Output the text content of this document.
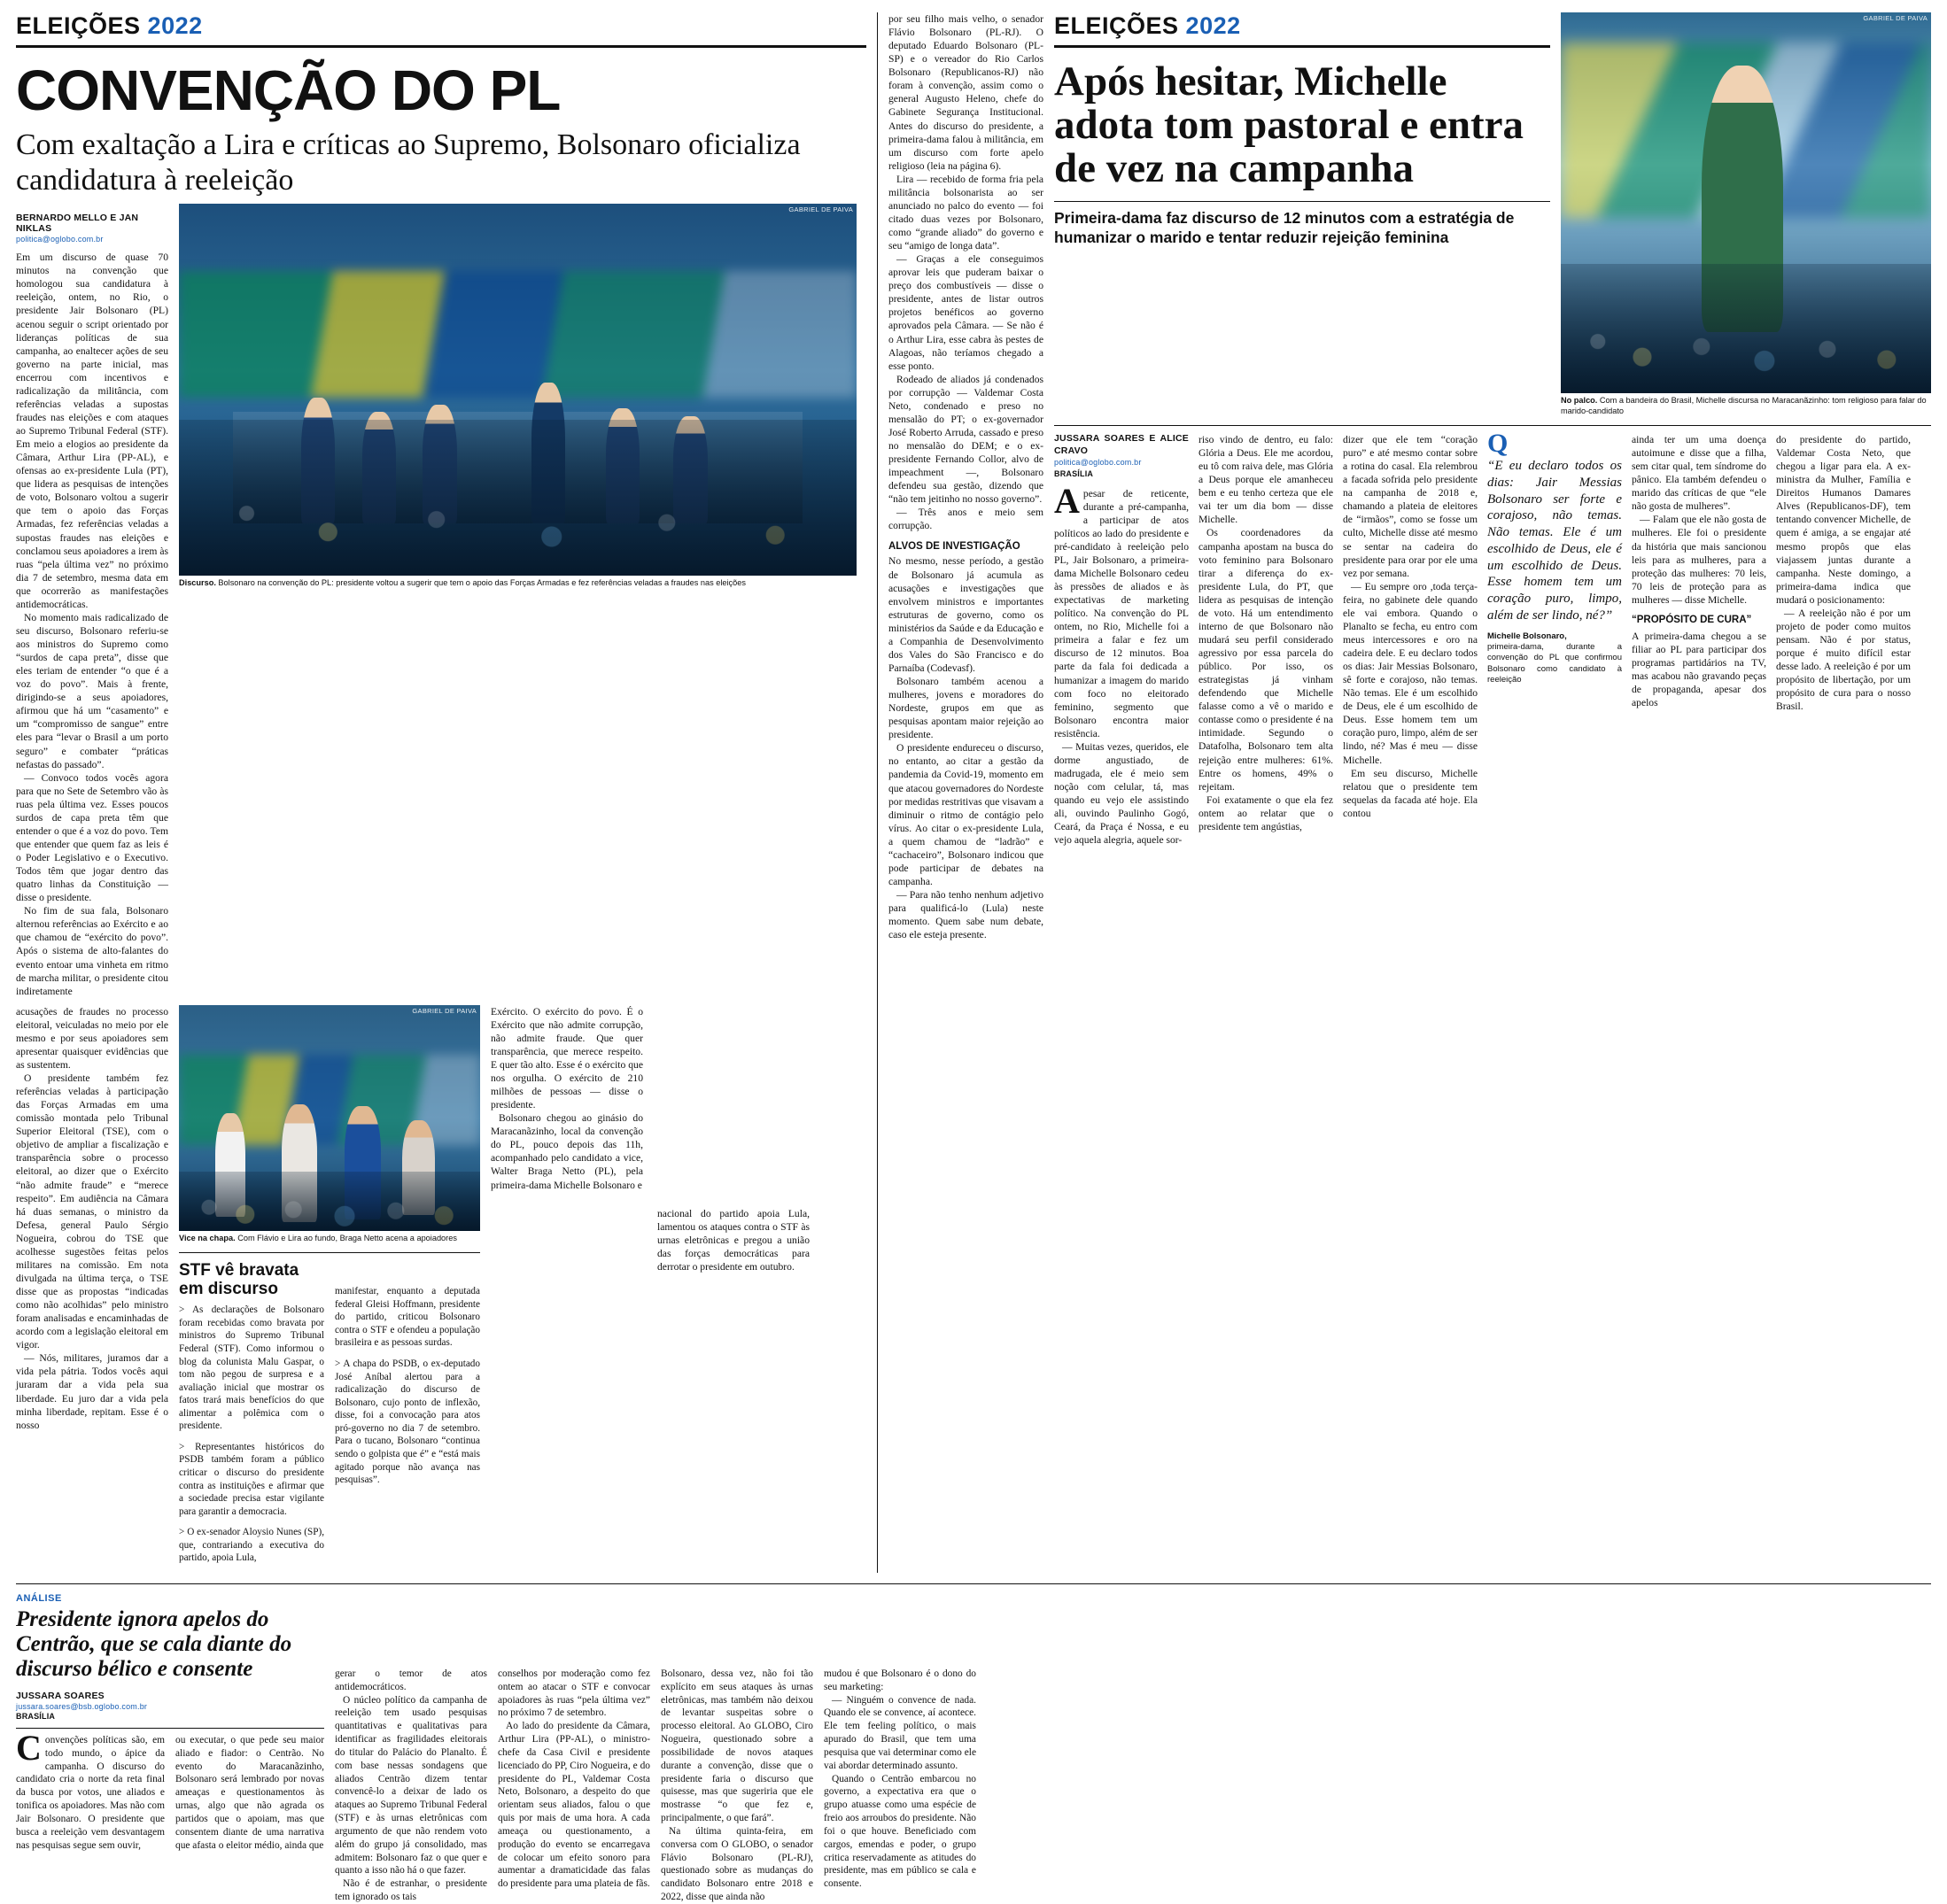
ELEIÇÕES 2022
CONVENÇÃO DO PL
Com exaltação a Lira e críticas ao Supremo, Bolsonaro oficializa candidatura à reeleição
BERNARDO MELLO E JAN NIKLAS
politica@oglobo.com.br

Em um discurso de quase 70 minutos na convenção que homologou sua candidatura à reeleição, ontem, no Rio, o presidente Jair Bolsonaro (PL) acenou seguir o script orientado por lideranças políticas de sua campanha, ao enaltecer ações de seu governo na parte inicial, mas encerrou com incentivos e radicalização da militância, com referências veladas a supostas fraudes nas eleições e com ataques ao Supremo Tribunal Federal (STF). Em meio a elogios ao presidente da Câmara, Arthur Lira (PP-AL), e ofensas ao ex-presidente Lula (PT), que lidera as pesquisas de intenções de voto, Bolsonaro voltou a sugerir que tem o apoio das Forças Armadas, fez referências veladas a supostas fraudes nas eleições e conclamou seus apoiadores a irem às ruas “pela última vez” no próximo dia 7 de setembro, mesma data em que ocorrerão as manifestações antidemocráticas.

No momento mais radicalizado de seu discurso, Bolsonaro referiu-se aos ministros do Supremo como “surdos de capa preta”, disse que eles teriam de entender “o que é a voz do povo”. Mais à frente, dirigindo-se a seus apoiadores, afirmou que há um “casamento” e um “compromisso de sangue” entre eles para “levar o Brasil a um porto seguro” e combater “práticas nefastas do passado”.

— Convoco todos vocês agora para que no Sete de Setembro vão às ruas pela última vez. Esses poucos surdos de capa preta têm que entender o que é a voz do povo. Tem que entender que quem faz as leis é o Poder Legislativo e o Executivo. Todos têm que jogar dentro das quatro linhas da Constituição — disse o presidente.

No fim de sua fala, Bolsonaro alternou referências ao Exército e ao que chamou de “exército do povo”. Após o sistema de alto-falantes do evento entoar uma vinheta em ritmo de marcha militar, o presidente citou indiretamente

GABRIEL DE PAIVA
Discurso. Bolsonaro na convenção do PL: presidente voltou a sugerir que tem o apoio das Forças Armadas e fez referências veladas a fraudes nas eleições

acusações de fraudes no processo eleitoral, veiculadas no meio por ele mesmo e por seus apoiadores sem apresentar quaisquer evidências que as sustentem.

O presidente também fez referências veladas à participação das Forças Armadas em uma comissão montada pelo Tribunal Superior Eleitoral (TSE), com o objetivo de ampliar a fiscalização e transparência sobre o processo eleitoral, ao dizer que o Exército “não admite fraude” e “merece respeito”. Em audiência na Câmara há duas semanas, o ministro da Defesa, general Paulo Sérgio Nogueira, cobrou do TSE que acolhesse sugestões feitas pelos militares na comissão. Em nota divulgada na última terça, o TSE disse que as propostas “indicadas como não acolhidas” pelo ministro foram analisadas e encaminhadas de acordo com a legislação eleitoral em vigor.

— Nós, militares, juramos dar a vida pela pátria. Todos vocês aqui juraram dar a vida pela sua liberdade. Eu juro dar a vida pela minha liberdade, repitam. Esse é o nosso

GABRIEL DE PAIVA
Vice na chapa. Com Flávio e Lira ao fundo, Braga Netto acena a apoiadores
STF vê bravata em discurso

> As declarações de Bolsonaro foram recebidas como bravata por ministros do Supremo Tribunal Federal (STF). Como informou o blog da colunista Malu Gaspar, o tom não pegou de surpresa e a avaliação inicial que mostrar os fatos trará mais benefícios do que alimentar a polêmica com o presidente.

> Representantes históricos do PSDB também foram a público criticar o discurso do presidente contra as instituições e afirmar que a sociedade precisa estar vigilante para garantir a democracia.

> O ex-senador Aloysio Nunes (SP), que, contrariando a executiva do partido, apoia Lula,

manifestar, enquanto a deputada federal Gleisi Hoffmann, presidente do partido, criticou Bolsonaro contra o STF e ofendeu a população brasileira e as pessoas surdas.

> A chapa do PSDB, o ex-deputado José Aníbal alertou para a radicalização do discurso de Bolsonaro, cujo ponto de inflexão, disse, foi a convocação para atos pró-governo no dia 7 de setembro. Para o tucano, Bolsonaro “continua sendo o golpista que é” e “está mais agitado porque não avança nas pesquisas”.

Exército. O exército do povo. É o Exército que não admite corrupção, não admite fraude. Que quer transparência, que merece respeito. E quer tão alto. Esse é o exército que nos orgulha. O exército de 210 milhões de pessoas — disse o presidente.

Bolsonaro chegou ao ginásio do Maracanãzinho, local da convenção do PL, pouco depois das 11h, acompanhado pelo candidato a vice, Walter Braga Netto (PL), pela primeira-dama Michelle Bolsonaro e

nacional do partido apoia Lula, lamentou os ataques contra o STF às urnas eletrônicas e pregou a união das forças democráticas para derrotar o presidente em outubro.

por seu filho mais velho, o senador Flávio Bolsonaro (PL-RJ). O deputado Eduardo Bolsonaro (PL-SP) e o vereador do Rio Carlos Bolsonaro (Republicanos-RJ) não foram à convenção, assim como o general Augusto Heleno, chefe do Gabinete Segurança Institucional. Antes do discurso do presidente, a primeira-dama falou à militância, em um discurso com forte apelo religioso (leia na página 6).

Lira — recebido de forma fria pela militância bolsonarista ao ser anunciado no palco do evento — foi citado duas vezes por Bolsonaro, como “grande aliado” do governo e seu “amigo de longa data”.

— Graças a ele conseguimos aprovar leis que puderam baixar o preço dos combustíveis — disse o presidente, antes de listar outros projetos benéficos ao governo aprovados pela Câmara. — Se não é o Arthur Lira, esse cabra às pestes de Alagoas, não teríamos chegado a esse ponto.

Rodeado de aliados já condenados por corrupção — Valdemar Costa Neto, condenado e preso no mensalão do PT; o ex-governador José Roberto Arruda, cassado e preso no mensalão do DEM; e o ex-presidente Fernando Collor, alvo de impeachment —, Bolsonaro defendeu sua gestão, dizendo que “não tem jeitinho no nosso governo”.

— Três anos e meio sem corrupção.

ALVOS DE INVESTIGAÇÃO

No mesmo, nesse período, a gestão de Bolsonaro já acumula as acusações e investigações que envolvem ministros e importantes estruturas de governo, como os ministérios da Saúde e da Educação e a Companhia de Desenvolvimento dos Vales do São Francisco e do Parnaíba (Codevasf).

Bolsonaro também acenou a mulheres, jovens e moradores do Nordeste, grupos em que as pesquisas apontam maior rejeição ao presidente.

O presidente endureceu o discurso, no entanto, ao citar a gestão da pandemia da Covid-19, momento em que atacou governadores do Nordeste por medidas restritivas que visavam a diminuir o ritmo de contágio pelo vírus. Ao citar o ex-presidente Lula, a quem chamou de “ladrão” e “cachaceiro”, Bolsonaro indicou que pode participar de debates na campanha.

— Para não tenho nenhum adjetivo para qualificá-lo (Lula) neste momento. Quem sabe num debate, caso ele esteja presente.

ELEIÇÕES 2022
Após hesitar, Michelle adota tom pastoral e entra de vez na campanha
Primeira-dama faz discurso de 12 minutos com a estratégia de humanizar o marido e tentar reduzir rejeição feminina
GABRIEL DE PAIVA
No palco. Com a bandeira do Brasil, Michelle discursa no Maracanãzinho: tom religioso para falar do marido-candidato
JUSSARA SOARES E ALICE CRAVO
politica@oglobo.com.br
BRASÍLIA

Apesar de reticente, durante a pré-campanha, a participar de atos políticos ao lado do presidente e pré-candidato à reeleição pelo PL, Jair Bolsonaro, a primeira-dama Michelle Bolsonaro cedeu às pressões de aliados e às expectativas de marketing político. Na convenção do PL ontem, no Rio, Michelle foi a primeira a falar e fez um discurso de 12 minutos. Boa parte da fala foi dedicada a humanizar a imagem do marido com foco no eleitorado feminino, segmento que Bolsonaro encontra maior resistência.

— Muitas vezes, queridos, ele dorme angustiado, de madrugada, ele é meio sem noção com celular, tá, mas quando eu vejo ele assistindo ali, ouvindo Paulinho Gogó, Ceará, da Praça é Nossa, e eu vejo aquela alegria, aquele sor-

riso vindo de dentro, eu falo: Glória a Deus. Ele me acordou, eu tô com raiva dele, mas Glória a Deus porque ele amanheceu bem e eu tenho certeza que ele vai ter um dia bom — disse Michelle.

Os coordenadores da campanha apostam na busca do voto feminino para Bolsonaro tirar a diferença do ex-presidente Lula, do PT, que lidera as pesquisas de intenção de voto. Há um entendimento interno de que Bolsonaro não mudará seu perfil considerado agressivo por essa parcela do público. Por isso, os estrategistas já vinham defendendo que Michelle falasse como a vê o marido e contasse como o presidente é na intimidade. Segundo o Datafolha, Bolsonaro tem alta rejeição entre mulheres: 61%. Entre os homens, 49% o rejeitam.

Foi exatamente o que ela fez ontem ao relatar que o presidente tem angústias,

dizer que ele tem “coração puro” e até mesmo contar sobre a rotina do casal. Ela relembrou a facada sofrida pelo presidente na campanha de 2018 e, chamando a plateia de eleitores de “irmãos”, como se fosse um culto, Michelle disse até mesmo se sentar na cadeira do presidente para orar por ele uma vez por semana.

— Eu sempre oro ,toda terça-feira, no gabinete dele quando ele vai embora. Quando o Planalto se fecha, eu entro com meus intercessores e oro na cadeira dele. E eu declaro todos os dias: Jair Messias Bolsonaro, sê forte e corajoso, não temas. Não temas. Ele é um escolhido de Deus, ele é um escolhido de Deus. Esse homem tem um coração puro, limpo, além de ser lindo, né? Mas é meu — disse Michelle.

Em seu discurso, Michelle relatou que o presidente tem sequelas da facada até hoje. Ela contou

Q
“E eu declaro todos os dias: Jair Messias Bolsonaro ser forte e corajoso, não temas. Não temas. Ele é um escolhido de Deus, ele é um escolhido de Deus. Esse homem tem um coração puro, limpo, além de ser lindo, né?”
Michelle Bolsonaro,
primeira-dama, durante a convenção do PL que confirmou Bolsonaro como candidato à reeleição

ainda ter um uma doença autoimune e disse que a filha, sem citar qual, tem síndrome do pânico. Ela também defendeu o marido das críticas de que “ele não gosta de mulheres”.

— Falam que ele não gosta de mulheres. Ele foi o presidente da história que mais sancionou leis para as mulheres, para a proteção das mulheres: 70 leis, 70 leis de proteção para as mulheres — disse Michelle.

“PROPÓSITO DE CURA”

A primeira-dama chegou a se filiar ao PL para participar dos programas partidários na TV, mas acabou não gravando peças de propaganda, apesar dos apelos

do presidente do partido, Valdemar Costa Neto, que chegou a ligar para ela. A ex-ministra da Mulher, Família e Direitos Humanos Damares Alves (Republicanos-DF), tem tentando convencer Michelle, de quem é amiga, a se engajar até mesmo propôs que elas viajassem juntas durante a campanha. Neste domingo, a primeira-dama indica que mudará o posicionamento:

— A reeleição não é por um projeto de poder como muitos pensam. Não é por status, porque é muito difícil estar desse lado. A reeleição é por um propósito de libertação, por um propósito de cura para o nosso Brasil.

ANÁLISE
Presidente ignora apelos do Centrão, que se cala diante do discurso bélico e consente
JUSSARA SOARES
jussara.soares@bsb.oglobo.com.br
BRASÍLIA

Convenções políticas são, em todo mundo, o ápice da campanha. O discurso do candidato cria o norte da reta final da busca por votos, une aliados e tonifica os apoiadores. Mas não com Jair Bolsonaro. O presidente que busca a reeleição vem desvantagem nas pesquisas segue sem ouvir,

ou executar, o que pede seu maior aliado e fiador: o Centrão. No evento do Maracanãzinho, Bolsonaro será lembrado por novas ameaças e questionamentos às urnas, algo que não agrada os partidos que o apoiam, mas que consentem diante de uma narrativa que afasta o eleitor médio, ainda que

gerar o temor de atos antidemocráticos.

O núcleo político da campanha de reeleição tem usado pesquisas quantitativas e qualitativas para identificar as fragilidades eleitorais do titular do Palácio do Planalto. É com base nessas sondagens que aliados Centrão dizem tentar convencê-lo a deixar de lado os ataques ao Supremo Tribunal Federal (STF) e às urnas eletrônicas com argumento de que não rendem voto além do grupo já consolidado, mas admitem: Bolsonaro faz o que quer e quanto a isso não há o que fazer.

Não é de estranhar, o presidente tem ignorado os tais

conselhos por moderação como fez ontem ao atacar o STF e convocar apoiadores às ruas “pela última vez” no próximo 7 de setembro.

Ao lado do presidente da Câmara, Arthur Lira (PP-AL), o ministro-chefe da Casa Civil e presidente licenciado do PP, Ciro Nogueira, e do presidente do PL, Valdemar Costa Neto, Bolsonaro, a despeito do que orientam seus aliados, falou o que quis por mais de uma hora. A cada ameaça ou questionamento, a produção do evento se encarregava de colocar um efeito sonoro para aumentar a dramaticidade das falas do presidente para uma plateia de fãs.

Bolsonaro, dessa vez, não foi tão explícito em seus ataques às urnas eletrônicas, mas também não deixou de levantar suspeitas sobre o processo eleitoral. Ao GLOBO, Ciro Nogueira, questionado sobre a possibilidade de novos ataques durante a convenção, disse que o presidente faria o discurso que quisesse, mas que sugeriria que ele mostrasse “o que fez e, principalmente, o que fará”.

Na última quinta-feira, em conversa com O GLOBO, o senador Flávio Bolsonaro (PL-RJ), questionado sobre as mudanças do candidato Bolsonaro entre 2018 e 2022, disse que ainda não

mudou é que Bolsonaro é o dono do seu marketing:

— Ninguém o convence de nada. Quando ele se convence, aí acontece. Ele tem feeling político, o mais apurado do Brasil, que tem uma pesquisa que vai determinar como ele vai abordar determinado assunto.

Quando o Centrão embarcou no governo, a expectativa era que o grupo atuasse como uma espécie de freio aos arroubos do presidente. Não foi o que houve. Beneficiado com cargos, emendas e poder, o grupo critica reservadamente as atitudes do presidente, mas em público se cala e consente.
